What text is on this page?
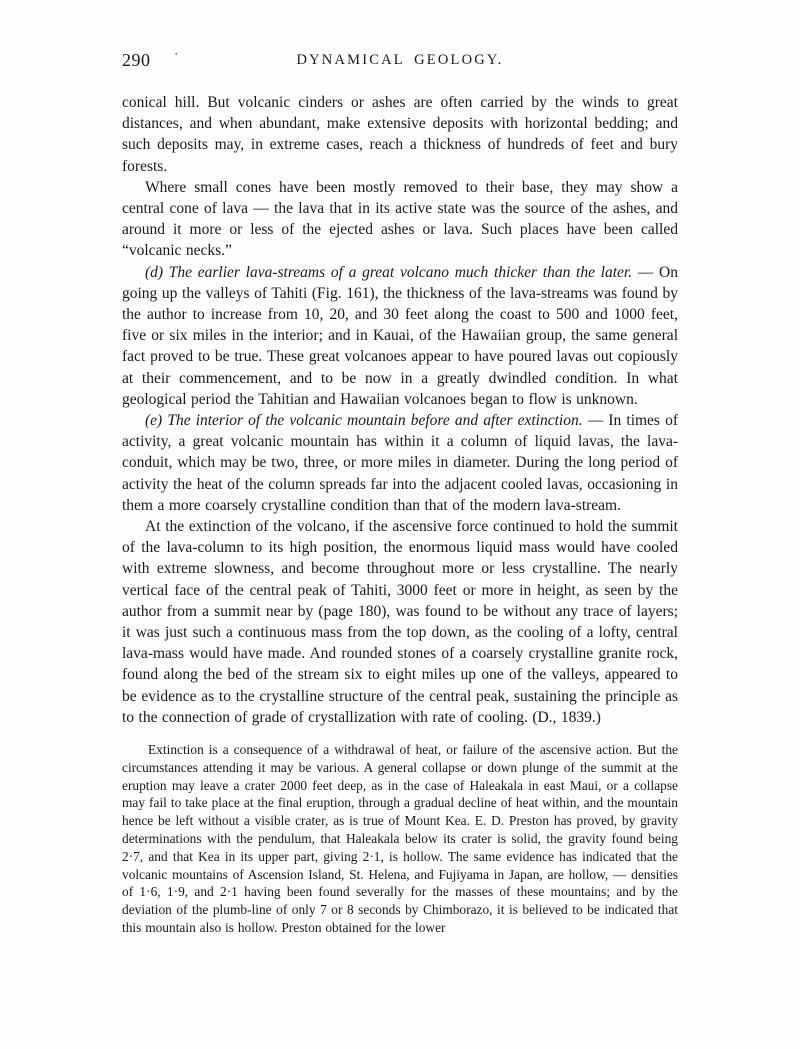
290 ·	DYNAMICAL GEOLOGY.

conical hill. But volcanic cinders or ashes are often carried by the winds to great distances, and when abundant, make extensive deposits with horizontal bedding; and such deposits may, in extreme cases, reach a thickness of hundreds of feet and bury forests.

Where small cones have been mostly removed to their base, they may show a central cone of lava — the lava that in its active state was the source of the ashes, and around it more or less of the ejected ashes or lava. Such places have been called “volcanic necks.”

(d) The earlier lava-streams of a great volcano much thicker than the later. — On going up the valleys of Tahiti (Fig. 161), the thickness of the lava-streams was found by the author to increase from 10, 20, and 30 feet along the coast to 500 and 1000 feet, five or six miles in the interior; and in Kauai, of the Hawaiian group, the same general fact proved to be true. These great volcanoes appear to have poured lavas out copiously at their commencement, and to be now in a greatly dwindled condition. In what geological period the Tahitian and Hawaiian volcanoes began to flow is unknown.

(e) The interior of the volcanic mountain before and after extinction. — In times of activity, a great volcanic mountain has within it a column of liquid lavas, the lava-conduit, which may be two, three, or more miles in diameter. During the long period of activity the heat of the column spreads far into the adjacent cooled lavas, occasioning in them a more coarsely crystalline condition than that of the modern lava-stream.

At the extinction of the volcano, if the ascensive force continued to hold the summit of the lava-column to its high position, the enormous liquid mass would have cooled with extreme slowness, and become throughout more or less crystalline. The nearly vertical face of the central peak of Tahiti, 3000 feet or more in height, as seen by the author from a summit near by (page 180), was found to be without any trace of layers; it was just such a continuous mass from the top down, as the cooling of a lofty, central lava-mass would have made. And rounded stones of a coarsely crystalline granite rock, found along the bed of the stream six to eight miles up one of the valleys, appeared to be evidence as to the crystalline structure of the central peak, sustaining the principle as to the connection of grade of crystallization with rate of cooling. (D., 1839.)

Extinction is a consequence of a withdrawal of heat, or failure of the ascensive action. But the circumstances attending it may be various. A general collapse or down plunge of the summit at the eruption may leave a crater 2000 feet deep, as in the case of Haleakala in east Maui, or a collapse may fail to take place at the final eruption, through a gradual decline of heat within, and the mountain hence be left without a visible crater, as is true of Mount Kea. E. D. Preston has proved, by gravity determinations with the pendulum, that Haleakala below its crater is solid, the gravity found being 2·7, and that Kea in its upper part, giving 2·1, is hollow. The same evidence has indicated that the volcanic mountains of Ascension Island, St. Helena, and Fujiyama in Japan, are hollow, — densities of 1·6, 1·9, and 2·1 having been found severally for the masses of these mountains; and by the deviation of the plumb-line of only 7 or 8 seconds by Chimborazo, it is believed to be indicated that this mountain also is hollow. Preston obtained for the lower
